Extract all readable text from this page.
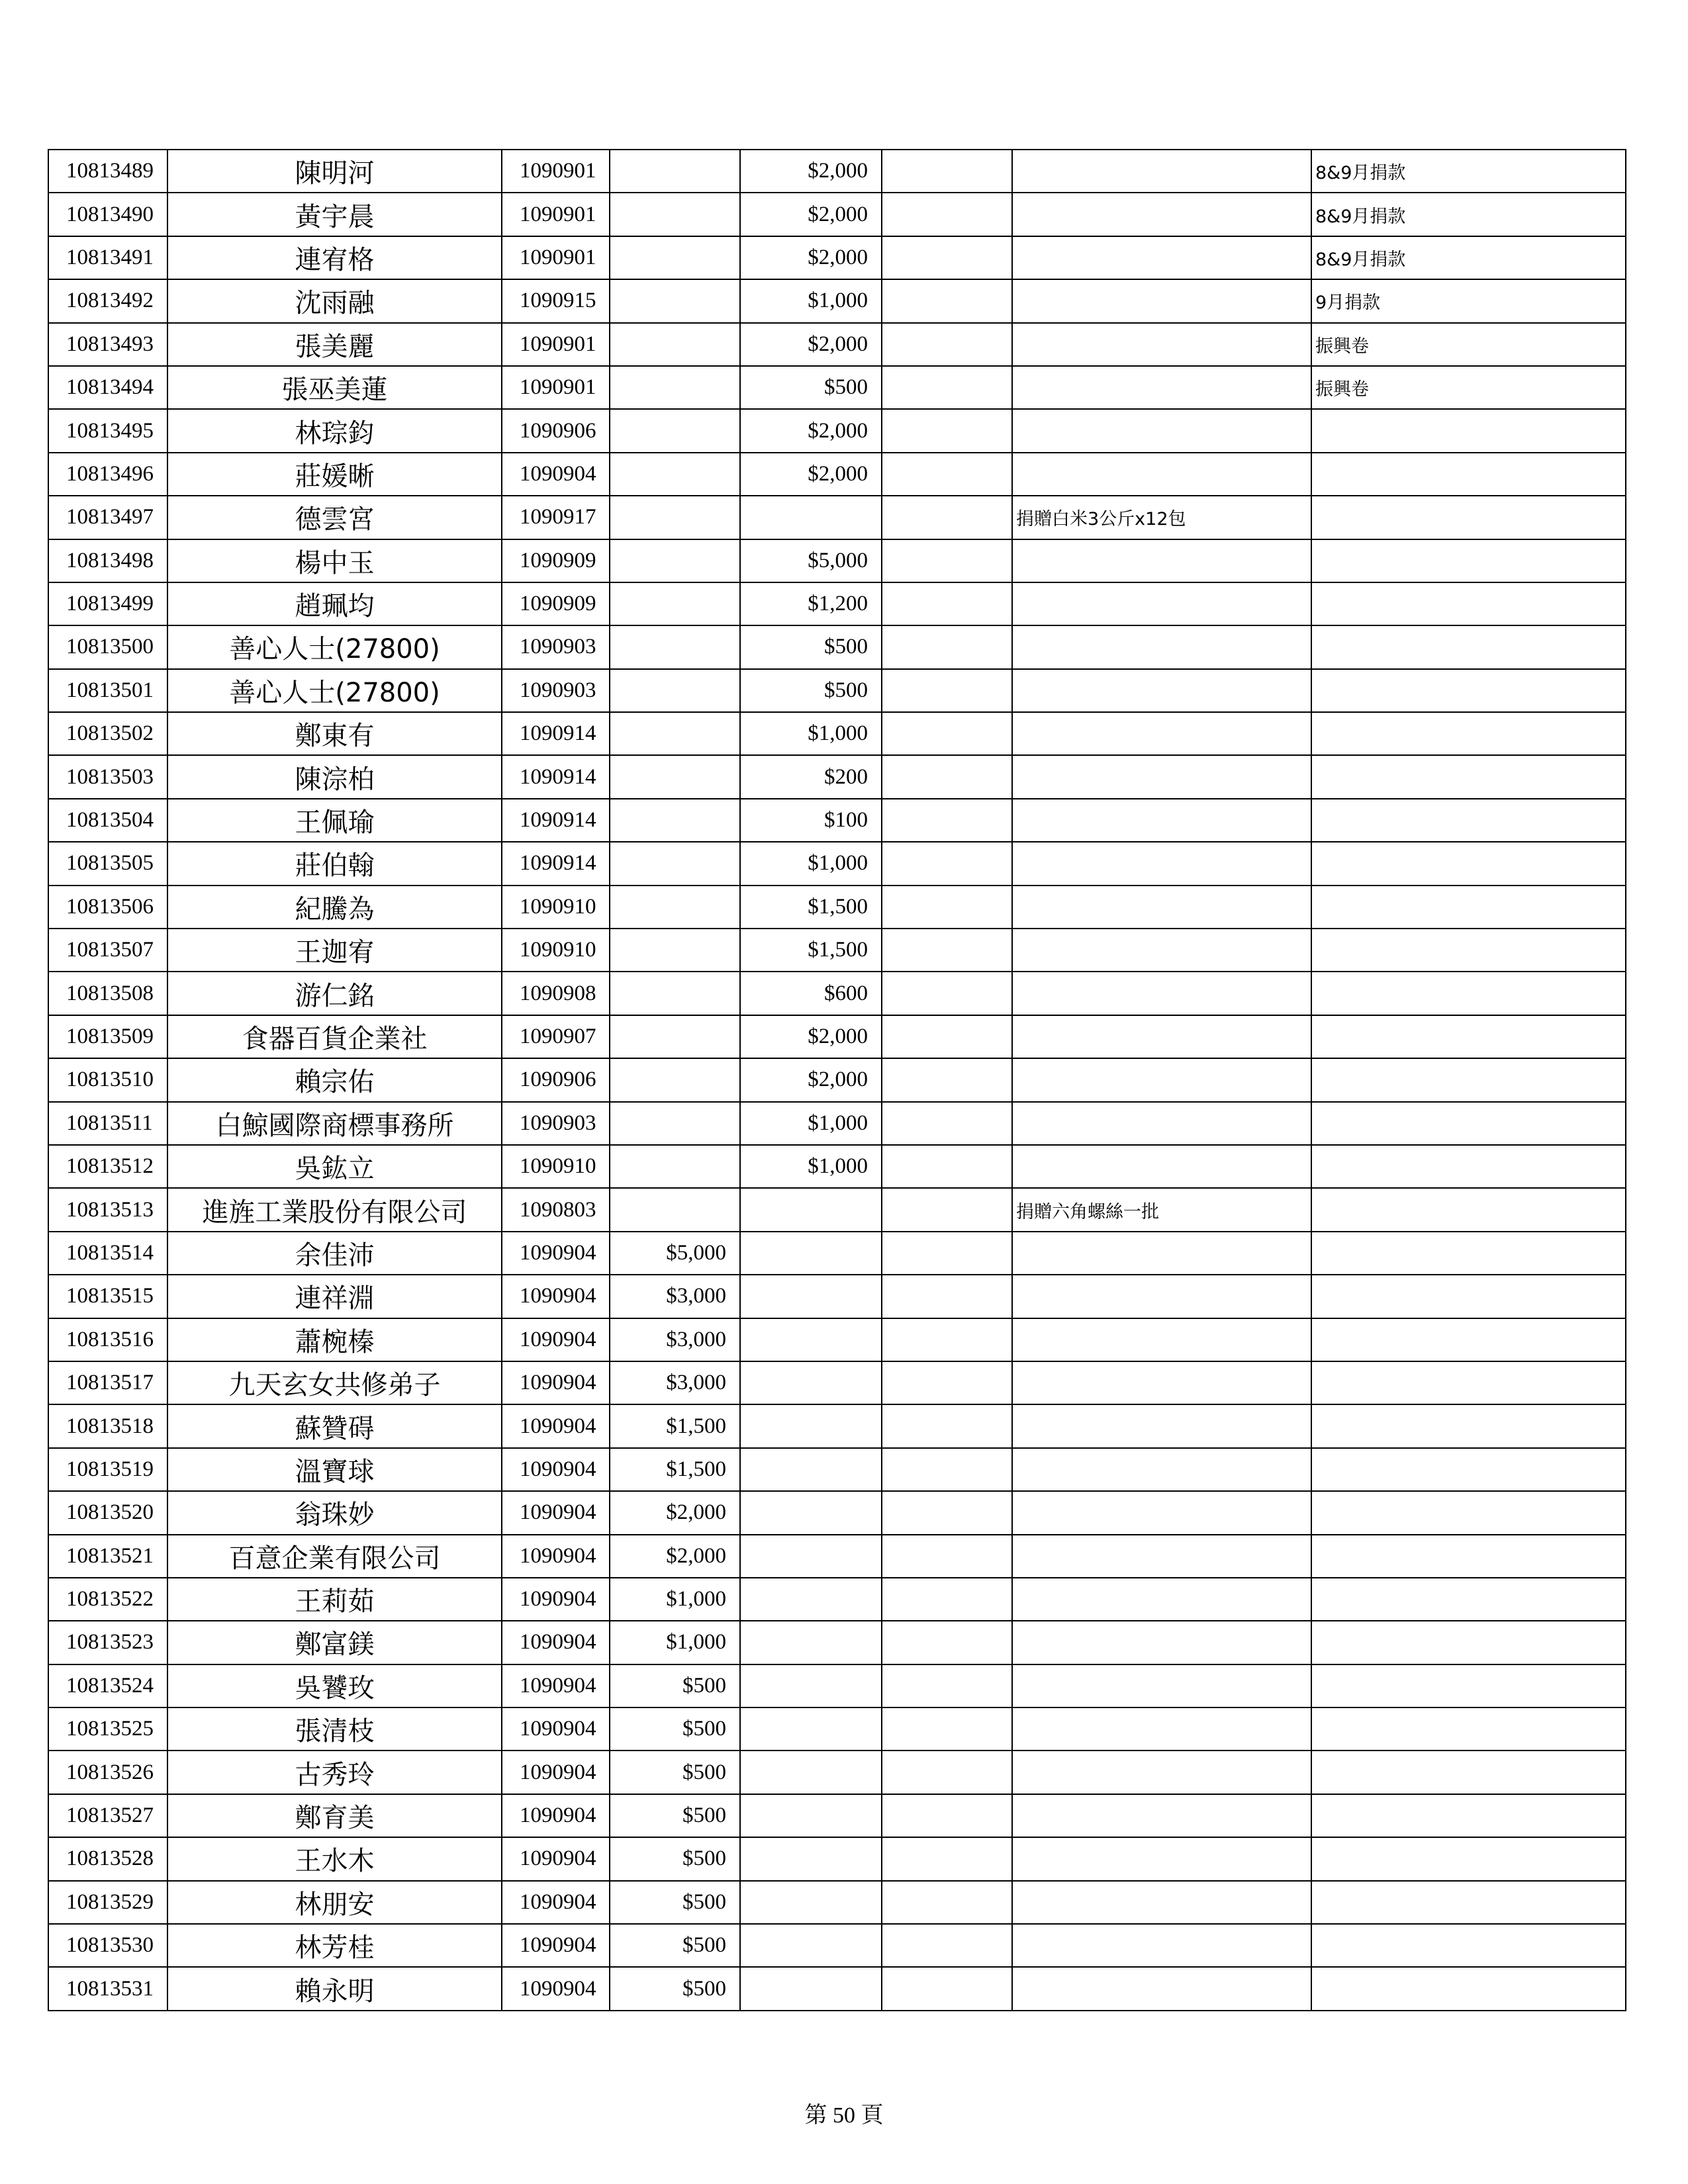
10813489	陳明河	1090901		$2,000			8&9月捐款
10813490	黃宇晨	1090901		$2,000			8&9月捐款
10813491	連宥格	1090901		$2,000			8&9月捐款
10813492	沈雨融	1090915		$1,000			9月捐款
10813493	張美麗	1090901		$2,000			振興卷
10813494	張巫美蓮	1090901		$500			振興卷
10813495	林琮鈞	1090906		$2,000			
10813496	莊媛晰	1090904		$2,000			
10813497	德雲宮	1090917				捐贈白米3公斤x12包	
10813498	楊中玉	1090909		$5,000			
10813499	趙珮均	1090909		$1,200			
10813500	善心人士(27800)	1090903		$500			
10813501	善心人士(27800)	1090903		$500			
10813502	鄭東有	1090914		$1,000			
10813503	陳淙柏	1090914		$200			
10813504	王佩瑜	1090914		$100			
10813505	莊伯翰	1090914		$1,000			
10813506	紀騰為	1090910		$1,500			
10813507	王迦宥	1090910		$1,500			
10813508	游仁銘	1090908		$600			
10813509	食器百貨企業社	1090907		$2,000			
10813510	賴宗佑	1090906		$2,000			
10813511	白鯨國際商標事務所	1090903		$1,000			
10813512	吳鈜立	1090910		$1,000			
10813513	進旌工業股份有限公司	1090803				捐贈六角螺絲一批	
10813514	余佳沛	1090904	$5,000				
10813515	連祥淵	1090904	$3,000				
10813516	蕭椀榛	1090904	$3,000				
10813517	九天玄女共修弟子	1090904	$3,000				
10813518	蘇贊碍	1090904	$1,500				
10813519	溫寶球	1090904	$1,500				
10813520	翁珠妙	1090904	$2,000				
10813521	百意企業有限公司	1090904	$2,000				
10813522	王莉茹	1090904	$1,000				
10813523	鄭富鎂	1090904	$1,000				
10813524	吳饕玫	1090904	$500				
10813525	張清枝	1090904	$500				
10813526	古秀玲	1090904	$500				
10813527	鄭育美	1090904	$500				
10813528	王水木	1090904	$500				
10813529	林朋安	1090904	$500				
10813530	林芳桂	1090904	$500				
10813531	賴永明	1090904	$500				
第 50 頁
